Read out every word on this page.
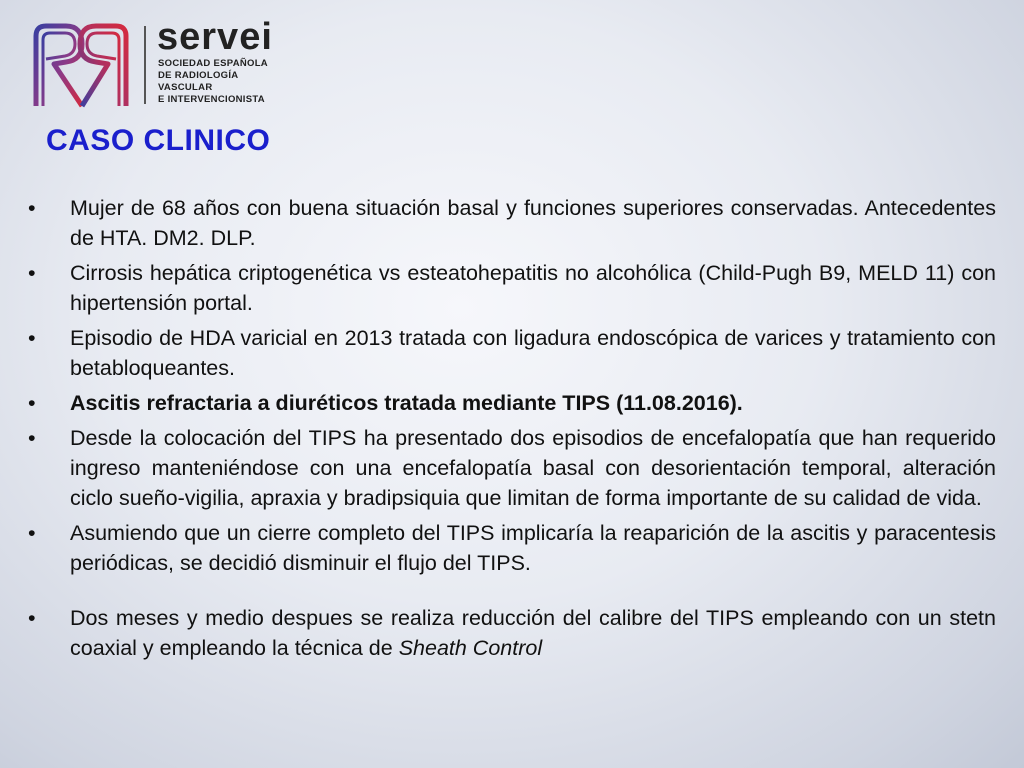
servei
SOCIEDAD ESPAÑOLA
DE RADIOLOGÍA
VASCULAR
E INTERVENCIONISTA
CASO CLINICO
• Mujer de 68 años con buena situación basal y funciones superiores conservadas. Antecedentes de HTA. DM2. DLP.
• Cirrosis hepática criptogenética vs esteatohepatitis no alcohólica (Child-Pugh B9, MELD 11) con hipertensión portal.
• Episodio de HDA varicial en 2013 tratada con ligadura endoscópica de varices y tratamiento con betabloqueantes.
• Ascitis refractaria a diuréticos tratada mediante TIPS (11.08.2016).
• Desde la colocación del TIPS ha presentado dos episodios de encefalopatía que han requerido ingreso manteniéndose con una encefalopatía basal con desorientación temporal, alteración ciclo sueño-vigilia, apraxia y bradipsiquia que limitan de forma importante de su calidad de vida.
• Asumiendo que un cierre completo del TIPS implicaría la reaparición de la ascitis y paracentesis periódicas, se decidió disminuir el flujo del TIPS.
• Dos meses y medio despues se realiza reducción del calibre del TIPS empleando con un stetn coaxial y empleando la técnica de Sheath Control
